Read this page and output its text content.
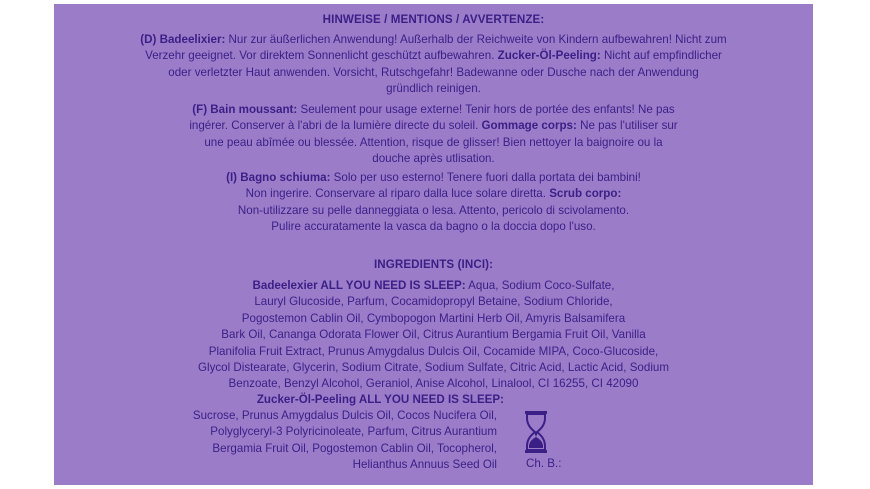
HINWEISE / MENTIONS / AVVERTENZE:
(D) Badeelixier: Nur zur äußerlichen Anwendung! Außerhalb der Reichweite von Kindern aufbewahren! Nicht zum
Verzehr geeignet. Vor direktem Sonnenlicht geschützt aufbewahren. Zucker-Öl-Peeling: Nicht auf empfindlicher
oder verletzter Haut anwenden. Vorsicht, Rutschgefahr! Badewanne oder Dusche nach der Anwendung
gründlich reinigen.
(F) Bain moussant: Seulement pour usage externe! Tenir hors de portée des enfants! Ne pas
ingérer. Conserver à l'abri de la lumière directe du soleil. Gommage corps: Ne pas l'utiliser sur
une peau abîmée ou blessée. Attention, risque de glisser! Bien nettoyer la baignoire ou la
douche après utlisation.
(I) Bagno schiuma: Solo per uso esterno! Tenere fuori dalla portata dei bambini!
Non ingerire. Conservare al riparo dalla luce solare diretta. Scrub corpo:
Non-utilizzare su pelle danneggiata o lesa. Attento, pericolo di scivolamento.
Pulire accuratamente la vasca da bagno o la doccia dopo l'uso.
INGREDIENTS (INCI):
Badeelexier ALL YOU NEED IS SLEEP: Aqua, Sodium Coco-Sulfate,
Lauryl Glucoside, Parfum, Cocamidopropyl Betaine, Sodium Chloride,
Pogostemon Cablin Oil, Cymbopogon Martini Herb Oil, Amyris Balsamifera
Bark Oil, Cananga Odorata Flower Oil, Citrus Aurantium Bergamia Fruit Oil, Vanilla
Planifolia Fruit Extract, Prunus Amygdalus Dulcis Oil, Cocamide MIPA, Coco-Glucoside,
Glycol Distearate, Glycerin, Sodium Citrate, Sodium Sulfate, Citric Acid, Lactic Acid, Sodium
Benzoate, Benzyl Alcohol, Geraniol, Anise Alcohol, Linalool, CI 16255, CI 42090
Zucker-Öl-Peeling ALL YOU NEED IS SLEEP:
Sucrose, Prunus Amygdalus Dulcis Oil, Cocos Nucifera Oil,
Polyglyceryl-3 Polyricinoleate, Parfum, Citrus Aurantium
Bergamia Fruit Oil, Pogostemon Cablin Oil, Tocopherol,
Helianthus Annuus Seed Oil	Ch. B.:
